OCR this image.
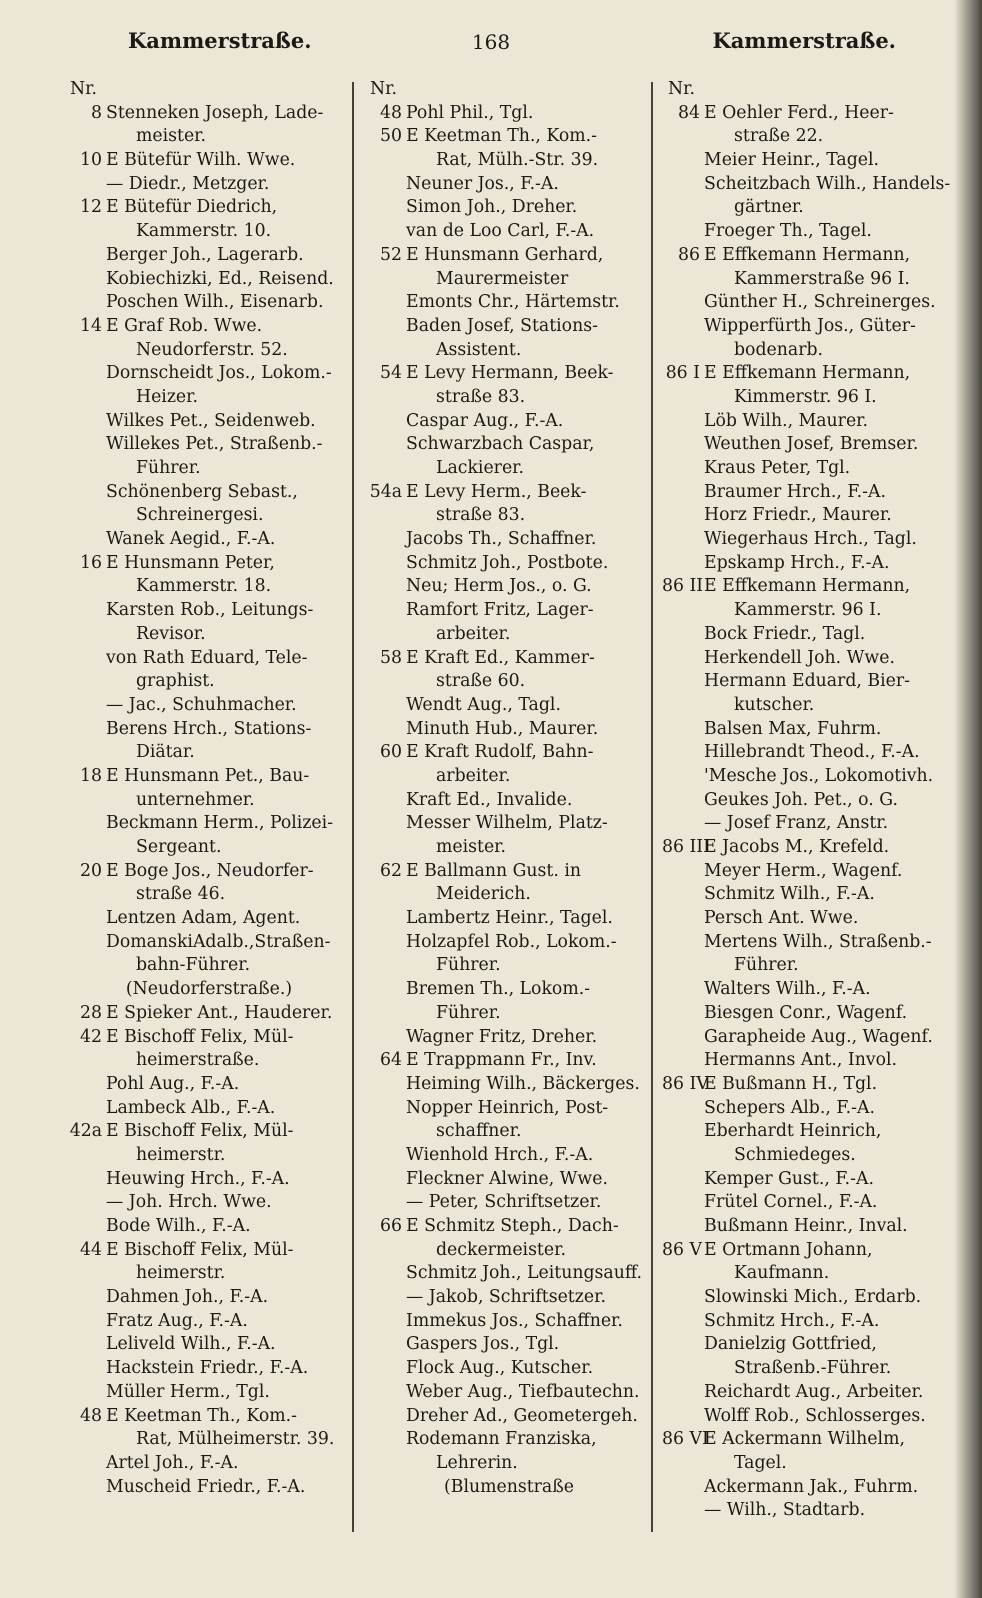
Kammerstraße.	168	Kammerstraße.
Nr.
8 Stenneken Joseph, Lade-
meister.
10 E Bütefür Wilh. Wwe.
— Diedr., Metzger.
12 E Bütefür Diedrich,
Kammerstr. 10.
Berger Joh., Lagerarb.
Kobiechizki, Ed., Reisend.
Poschen Wilh., Eisenarb.
14 E Graf Rob. Wwe.
Neudorferstr. 52.
Dornscheidt Jos., Lokom.-
Heizer.
Wilkes Pet., Seidenweb.
Willekes Pet., Straßenb.-
Führer.
Schönenberg Sebast.,
Schreinergesi.
Wanek Aegid., F.-A.
16 E Hunsmann Peter,
Kammerstr. 18.
Karsten Rob., Leitungs-
Revisor.
von Rath Eduard, Tele-
graphist.
— Jac., Schuhmacher.
Berens Hrch., Stations-
Diätar.
18 E Hunsmann Pet., Bau-
unternehmer.
Beckmann Herm., Polizei-
Sergeant.
20 E Boge Jos., Neudorfer-
straße 46.
Lentzen Adam, Agent.
DomanskiAdalb.,Straßen-
bahn-Führer.
(Neudorferstraße.)
28 E Spieker Ant., Hauderer.
42 E Bischoff Felix, Mül-
heimerstraße.
Pohl Aug., F.-A.
Lambeck Alb., F.-A.
42a E Bischoff Felix, Mül-
heimerstr.
Heuwing Hrch., F.-A.
— Joh. Hrch. Wwe.
Bode Wilh., F.-A.
44 E Bischoff Felix, Mül-
heimerstr.
Dahmen Joh., F.-A.
Fratz Aug., F.-A.
Leliveld Wilh., F.-A.
Hackstein Friedr., F.-A.
Müller Herm., Tgl.
48 E Keetman Th., Kom.-
Rat, Mülheimerstr. 39.
Artel Joh., F.-A.
Muscheid Friedr., F.-A.
Nr.
48 Pohl Phil., Tgl.
50 E Keetman Th., Kom.-
Rat, Mülh.-Str. 39.
Neuner Jos., F.-A.
Simon Joh., Dreher.
van de Loo Carl, F.-A.
52 E Hunsmann Gerhard,
Maurermeister
Emonts Chr., Härtemstr.
Baden Josef, Stations-
Assistent.
54 E Levy Hermann, Beek-
straße 83.
Caspar Aug., F.-A.
Schwarzbach Caspar,
Lackierer.
54a E Levy Herm., Beek-
straße 83.
Jacobs Th., Schaffner.
Schmitz Joh., Postbote.
Neu; Herm Jos., o. G.
Ramfort Fritz, Lager-
arbeiter.
58 E Kraft Ed., Kammer-
straße 60.
Wendt Aug., Tagl.
Minuth Hub., Maurer.
60 E Kraft Rudolf, Bahn-
arbeiter.
Kraft Ed., Invalide.
Messer Wilhelm, Platz-
meister.
62 E Ballmann Gust. in
Meiderich.
Lambertz Heinr., Tagel.
Holzapfel Rob., Lokom.-
Führer.
Bremen Th., Lokom.-
Führer.
Wagner Fritz, Dreher.
64 E Trappmann Fr., Inv.
Heiming Wilh., Bäckerges.
Nopper Heinrich, Post-
schaffner.
Wienhold Hrch., F.-A.
Fleckner Alwine, Wwe.
— Peter, Schriftsetzer.
66 E Schmitz Steph., Dach-
deckermeister.
Schmitz Joh., Leitungsauff.
— Jakob, Schriftsetzer.
Immekus Jos., Schaffner.
Gaspers Jos., Tgl.
Flock Aug., Kutscher.
Weber Aug., Tiefbautechn.
Dreher Ad., Geometergeh.
Rodemann Franziska,
Lehrerin.
(Blumenstraße
Nr.
84 E Oehler Ferd., Heer-
straße 22.
Meier Heinr., Tagel.
Scheitzbach Wilh., Handels-
gärtner.
Froeger Th., Tagel.
86 E Effkemann Hermann,
Kammerstraße 96 I.
Günther H., Schreinerges.
Wipperfürth Jos., Güter-
bodenarb.
86 I E Effkemann Hermann,
Kimmerstr. 96 I.
Löb Wilh., Maurer.
Weuthen Josef, Bremser.
Kraus Peter, Tgl.
Braumer Hrch., F.-A.
Horz Friedr., Maurer.
Wiegerhaus Hrch., Tagl.
Epskamp Hrch., F.-A.
86 IIE Effkemann Hermann,
Kammerstr. 96 I.
Bock Friedr., Tagl.
Herkendell Joh. Wwe.
Hermann Eduard, Bier-
kutscher.
Balsen Max, Fuhrm.
Hillebrandt Theod., F.-A.
'Mesche Jos., Lokomotivh.
Geukes Joh. Pet., o. G.
— Josef Franz, Anstr.
86 IIIE Jacobs M., Krefeld.
Meyer Herm., Wagenf.
Schmitz Wilh., F.-A.
Persch Ant. Wwe.
Mertens Wilh., Straßenb.-
Führer.
Walters Wilh., F.-A.
Biesgen Conr., Wagenf.
Garapheide Aug., Wagenf.
Hermanns Ant., Invol.
86 IVE Bußmann H., Tgl.
Schepers Alb., F.-A.
Eberhardt Heinrich,
Schmiedeges.
Kemper Gust., F.-A.
Frütel Cornel., F.-A.
Bußmann Heinr., Inval.
86 V E Ortmann Johann,
Kaufmann.
Slowinski Mich., Erdarb.
Schmitz Hrch., F.-A.
Danielzig Gottfried,
Straßenb.-Führer.
Reichardt Aug., Arbeiter.
Wolff Rob., Schlosserges.
86 VIE Ackermann Wilhelm,
Tagel.
Ackermann Jak., Fuhrm.
— Wilh., Stadtarb.
